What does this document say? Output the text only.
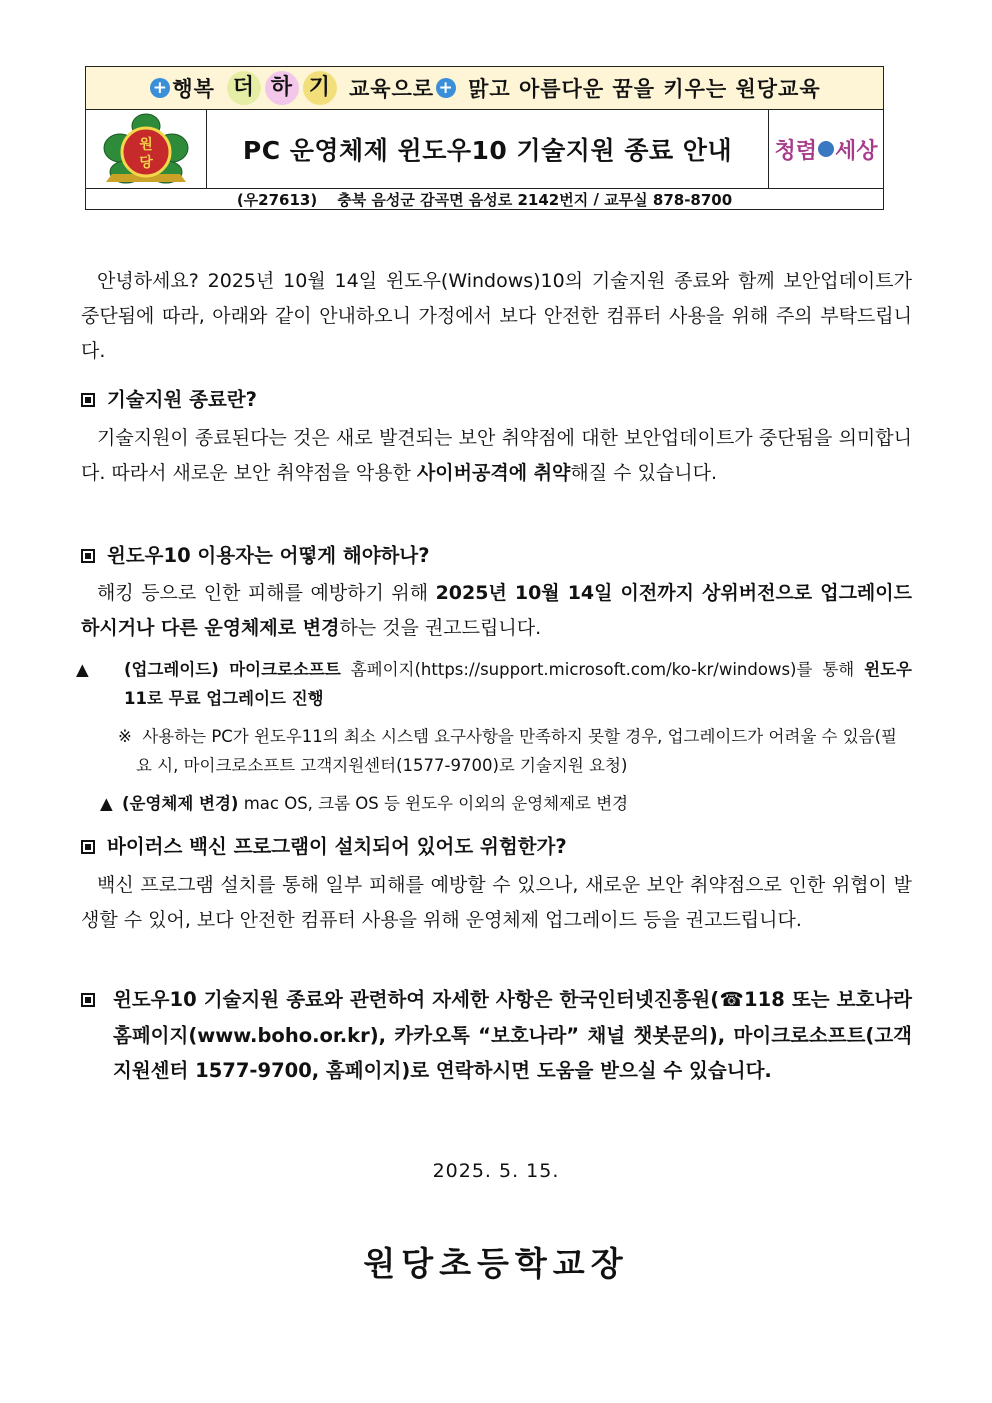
+ 행복 더 하 기 교육으로 + 맑고 아름다운 꿈을 키우는 원당교육
원
당	PC 운영체제 윈도우10 기술지원 종료 안내	청렴 세상
(우27613) 충북 음성군 감곡면 음성로 2142번지
/
교무실 878-8700
안녕하세요? 2025년 10월 14일 윈도우(Windows)10의 기술지원 종료와 함께 보안업데이트가 중단됨에 따라, 아래와 같이 안내하오니 가정에서 보다 안전한 컴퓨터 사용을 위해 주의 부탁드립니다.
기술지원 종료란?
기술지원이 종료된다는 것은 새로 발견되는 보안 취약점에 대한 보안업데이트가 중단됨을 의미합니다. 따라서 새로운 보안 취약점을 악용한 사이버공격에 취약해질 수 있습니다.
윈도우10 이용자는 어떻게 해야하나?
해킹 등으로 인한 피해를 예방하기 위해 2025년 10월 14일 이전까지 상위버전으로 업그레이드하시거나 다른 운영체제로 변경하는 것을 권고드립니다.
▲ (업그레이드) 마이크로소프트 홈페이지(https://support.microsoft.com/ko-kr/windows)를 통해 윈도우11로 무료 업그레이드 진행
※ 사용하는 PC가 윈도우11의 최소 시스템 요구사항을 만족하지 못할 경우, 업그레이드가 어려울 수 있음(필요 시, 마이크로소프트 고객지원센터(1577-9700)로 기술지원 요청)
▲ (운영체제 변경) mac OS, 크롬 OS 등 윈도우 이외의 운영체제로 변경
바이러스 백신 프로그램이 설치되어 있어도 위험한가?
백신 프로그램 설치를 통해 일부 피해를 예방할 수 있으나, 새로운 보안 취약점으로 인한 위협이 발생할 수 있어, 보다 안전한 컴퓨터 사용을 위해 운영체제 업그레이드 등을 권고드립니다.
윈도우10 기술지원 종료와 관련하여 자세한 사항은 한국인터넷진흥원(☎118 또는 보호나라 홈페이지(www.boho.or.kr), 카카오톡 “보호나라” 채널 챗봇문의), 마이크로소프트(고객지원센터 1577-9700, 홈페이지)로 연락하시면 도움을 받으실 수 있습니다.
2025. 5. 15.
원당초등학교장
